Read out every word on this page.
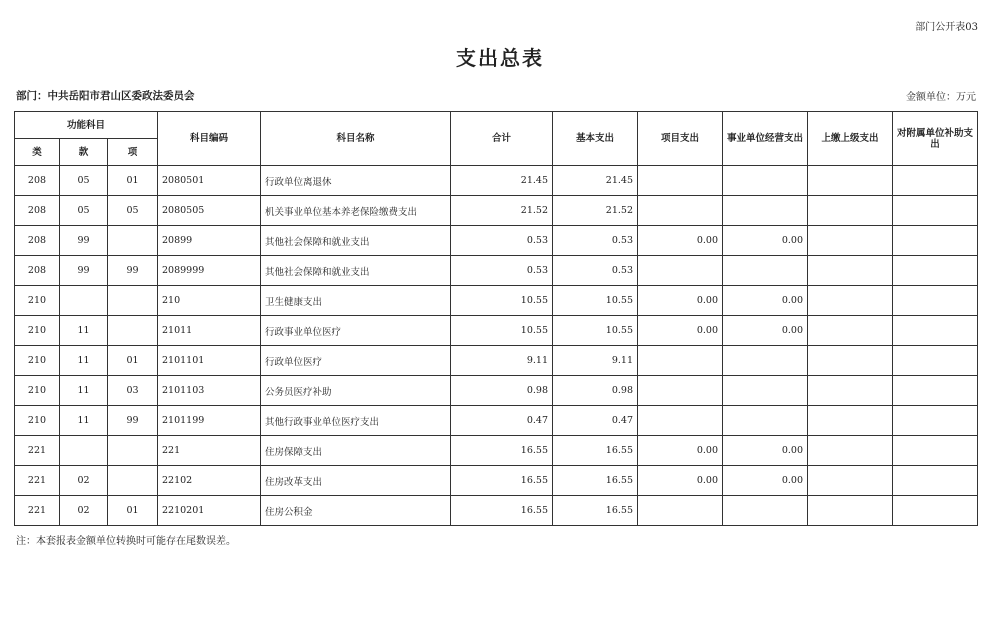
部门公开表03
支出总表
部门：中共岳阳市君山区委政法委员会	金额单位：万元
功能科目			科目编码	科目名称	合计	基本支出	项目支出	事业单位经营支出	上缴上级支出	对附属单位补助支出
类	款	项								
208	05	01	2080501	行政单位离退休	21.45	21.45				
208	05	05	2080505	机关事业单位基本养老保险缴费支出	21.52	21.52				
208	99		20899	其他社会保障和就业支出	0.53	0.53	0.00	0.00		
208	99	99	2089999	其他社会保障和就业支出	0.53	0.53				
210			210	卫生健康支出	10.55	10.55	0.00	0.00		
210	11		21011	行政事业单位医疗	10.55	10.55	0.00	0.00		
210	11	01	2101101	行政单位医疗	9.11	9.11				
210	11	03	2101103	公务员医疗补助	0.98	0.98				
210	11	99	2101199	其他行政事业单位医疗支出	0.47	0.47				
221			221	住房保障支出	16.55	16.55	0.00	0.00		
221	02		22102	住房改革支出	16.55	16.55	0.00	0.00		
221	02	01	2210201	住房公积金	16.55	16.55				
注：本套报表金额单位转换时可能存在尾数误差。
